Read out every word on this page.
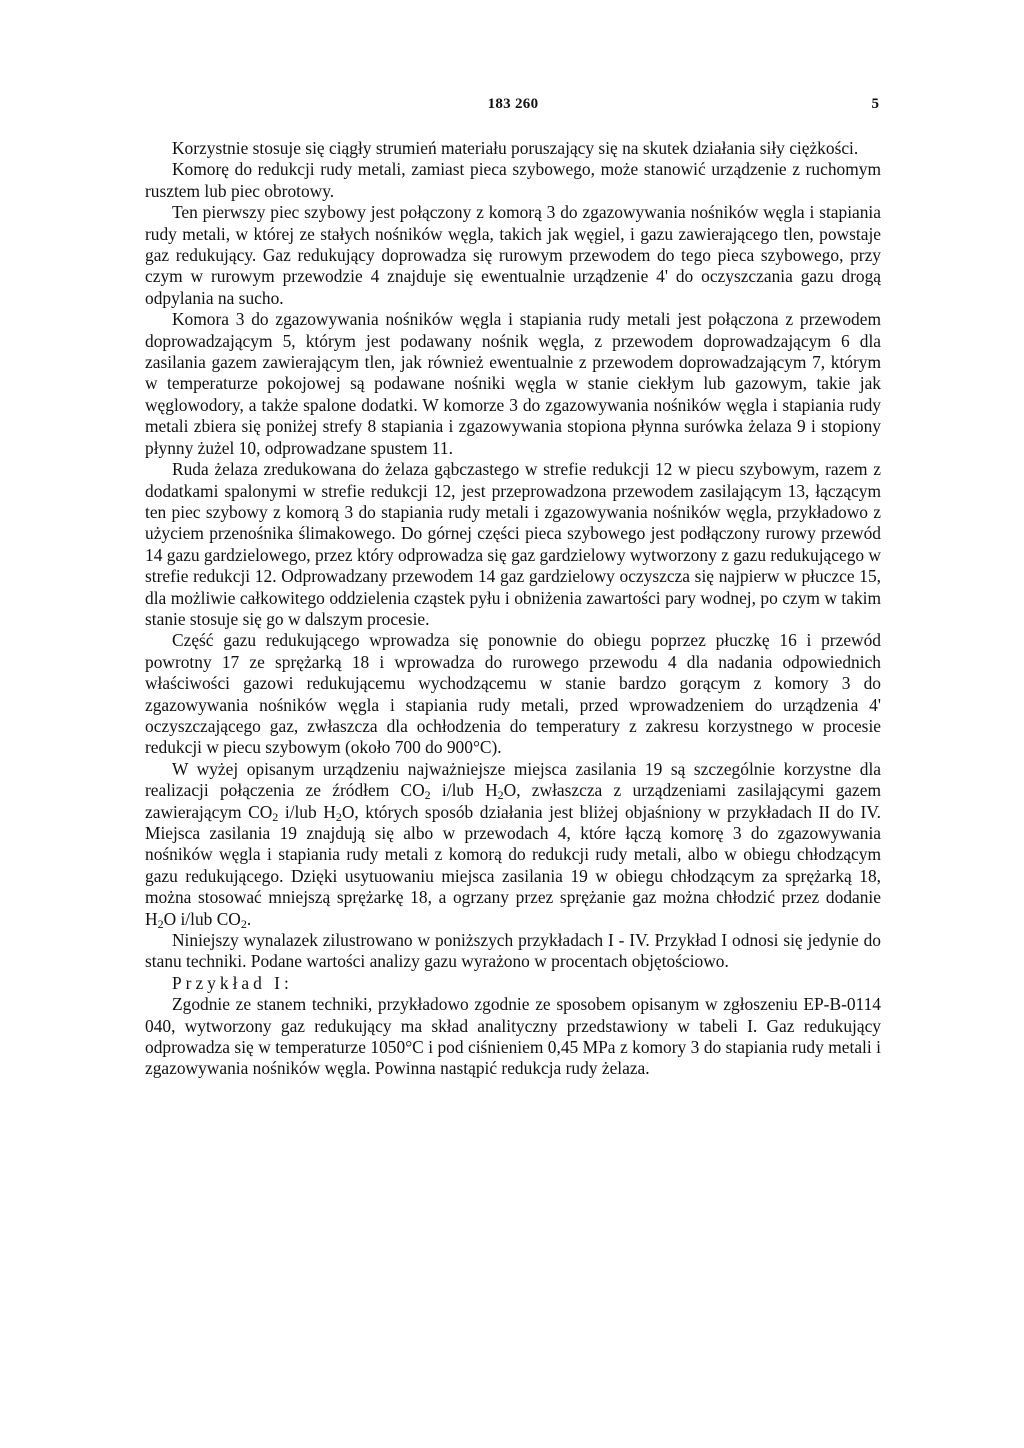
183 260	5

Korzystnie stosuje się ciągły strumień materiału poruszający się na skutek działania siły ciężkości.

Komorę do redukcji rudy metali, zamiast pieca szybowego, może stanowić urządzenie z ruchomym rusztem lub piec obrotowy.

Ten pierwszy piec szybowy jest połączony z komorą 3 do zgazowywania nośników węgla i stapiania rudy metali, w której ze stałych nośników węgla, takich jak węgiel, i gazu zawierającego tlen, powstaje gaz redukujący. Gaz redukujący doprowadza się rurowym przewodem do tego pieca szybowego, przy czym w rurowym przewodzie 4 znajduje się ewentualnie urządzenie 4' do oczyszczania gazu drogą odpylania na sucho.

Komora 3 do zgazowywania nośników węgla i stapiania rudy metali jest połączona z przewodem doprowadzającym 5, którym jest podawany nośnik węgla, z przewodem doprowadzającym 6 dla zasilania gazem zawierającym tlen, jak również ewentualnie z przewodem doprowadzającym 7, którym w temperaturze pokojowej są podawane nośniki węgla w stanie ciekłym lub gazowym, takie jak węglowodory, a także spalone dodatki. W komorze 3 do zgazowywania nośników węgla i stapiania rudy metali zbiera się poniżej strefy 8 stapiania i zgazowywania stopiona płynna surówka żelaza 9 i stopiony płynny żużel 10, odprowadzane spustem 11.

Ruda żelaza zredukowana do żelaza gąbczastego w strefie redukcji 12 w piecu szybowym, razem z dodatkami spalonymi w strefie redukcji 12, jest przeprowadzona przewodem zasilającym 13, łączącym ten piec szybowy z komorą 3 do stapiania rudy metali i zgazowywania nośników węgla, przykładowo z użyciem przenośnika ślimakowego. Do górnej części pieca szybowego jest podłączony rurowy przewód 14 gazu gardzielowego, przez który odprowadza się gaz gardzielowy wytworzony z gazu redukującego w strefie redukcji 12. Odprowadzany przewodem 14 gaz gardzielowy oczyszcza się najpierw w płuczce 15, dla możliwie całkowitego oddzielenia cząstek pyłu i obniżenia zawartości pary wodnej, po czym w takim stanie stosuje się go w dalszym procesie.

Część gazu redukującego wprowadza się ponownie do obiegu poprzez płuczkę 16 i przewód powrotny 17 ze sprężarką 18 i wprowadza do rurowego przewodu 4 dla nadania odpowiednich właściwości gazowi redukującemu wychodzącemu w stanie bardzo gorącym z komory 3 do zgazowywania nośników węgla i stapiania rudy metali, przed wprowadzeniem do urządzenia 4' oczyszczającego gaz, zwłaszcza dla ochłodzenia do temperatury z zakresu korzystnego w procesie redukcji w piecu szybowym (około 700 do 900°C).

W wyżej opisanym urządzeniu najważniejsze miejsca zasilania 19 są szczególnie korzystne dla realizacji połączenia ze źródłem $CO_2$ i/lub $H_2O$, zwłaszcza z urządzeniami zasilającymi gazem zawierającym $CO_2$ i/lub $H_2O$, których sposób działania jest bliżej objaśniony w przykładach II do IV. Miejsca zasilania 19 znajdują się albo w przewodach 4, które łączą komorę 3 do zgazowywania nośników węgla i stapiania rudy metali z komorą do redukcji rudy metali, albo w obiegu chłodzącym gazu redukującego. Dzięki usytuowaniu miejsca zasilania 19 w obiegu chłodzącym za sprężarką 18, można stosować mniejszą sprężarkę 18, a ogrzany przez sprężanie gaz można chłodzić przez dodanie $H_2O$ i/lub $CO_2$.

Niniejszy wynalazek zilustrowano w poniższych przykładach I - IV. Przykład I odnosi się jedynie do stanu techniki. Podane wartości analizy gazu wyrażono w procentach objętościowo.

Przykład I:

Zgodnie ze stanem techniki, przykładowo zgodnie ze sposobem opisanym w zgłoszeniu EP-B-0114 040, wytworzony gaz redukujący ma skład analityczny przedstawiony w tabeli I. Gaz redukujący odprowadza się w temperaturze 1050°C i pod ciśnieniem 0,45 MPa z komory 3 do stapiania rudy metali i zgazowywania nośników węgla. Powinna nastąpić redukcja rudy żelaza.
